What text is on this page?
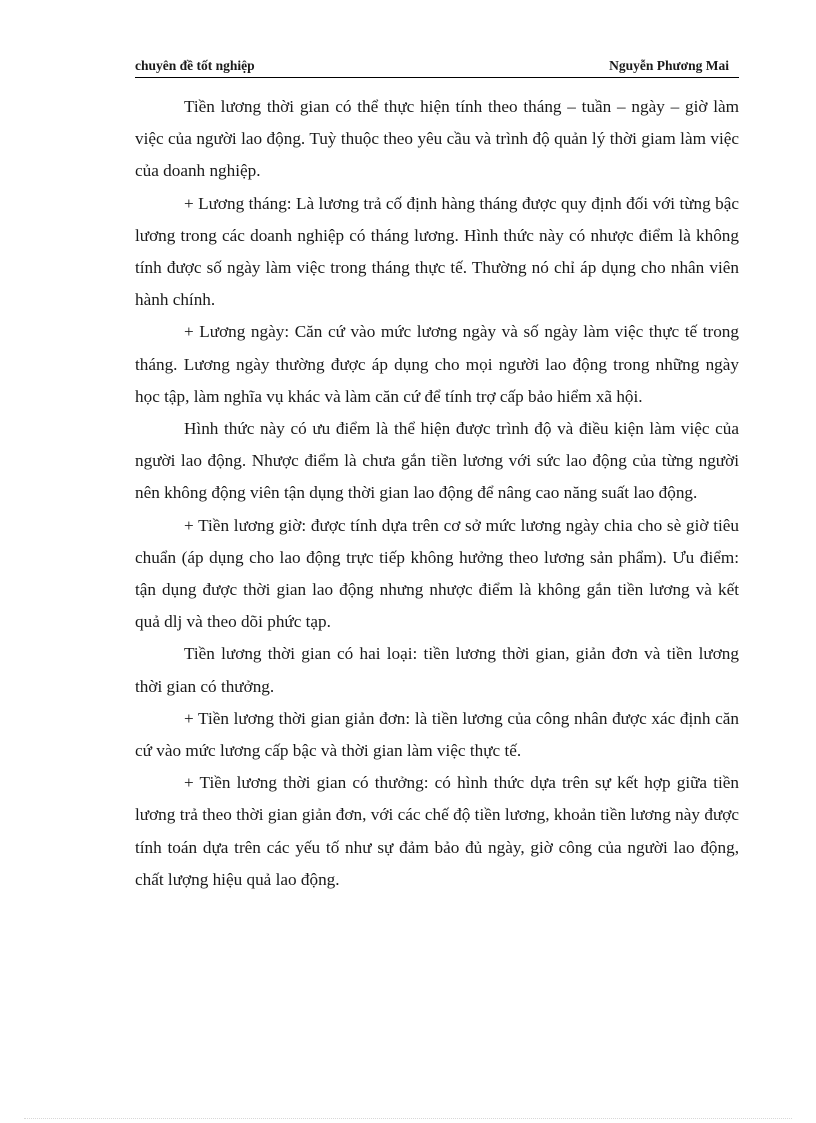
chuyên đề tốt nghiệp	Nguyễn Phương Mai

Tiền lương thời gian có thể thực hiện tính theo tháng – tuần – ngày – giờ làm việc của người lao động. Tuỳ thuộc theo yêu cầu và trình độ quản lý thời giam làm việc của doanh nghiệp.

+ Lương tháng: Là lương trả cố định hàng tháng được quy định đối với từng bậc lương trong các doanh nghiệp có tháng lương. Hình thức này có nhược điểm là không tính được số ngày làm việc trong tháng thực tế. Thường nó chỉ áp dụng cho nhân viên hành chính.

+ Lương ngày: Căn cứ vào mức lương ngày và số ngày làm việc thực tế trong tháng. Lương ngày thường được áp dụng cho mọi người lao động trong những ngày học tập, làm nghĩa vụ khác và làm căn cứ để tính trợ cấp bảo hiểm xã hội.

Hình thức này có ưu điểm là thể hiện được trình độ và điều kiện làm việc của người lao động. Nhược điểm là chưa gắn tiền lương với sức lao động của từng người nên không động viên tận dụng thời gian lao động để nâng cao năng suất lao động.

+ Tiền lương giờ: được tính dựa trên cơ sở mức lương ngày chia cho sè giờ tiêu chuẩn (áp dụng cho lao động trực tiếp không hưởng theo lương sản phẩm). Ưu điểm: tận dụng được thời gian lao động nhưng nhược điểm là không gắn tiền lương và kết quả dlj và theo dõi phức tạp.

Tiền lương thời gian có hai loại: tiền lương thời gian, giản đơn và tiền lương thời gian có thưởng.

+ Tiền lương thời gian giản đơn: là tiền lương của công nhân được xác định căn cứ vào mức lương cấp bậc và thời gian làm việc thực tế.

+ Tiền lương thời gian có thưởng: có hình thức dựa trên sự kết hợp giữa tiền lương trả theo thời gian giản đơn, với các chế độ tiền lương, khoản tiền lương này được tính toán dựa trên các yếu tố như sự đảm bảo đủ ngày, giờ công của người lao động, chất lượng hiệu quả lao động.
